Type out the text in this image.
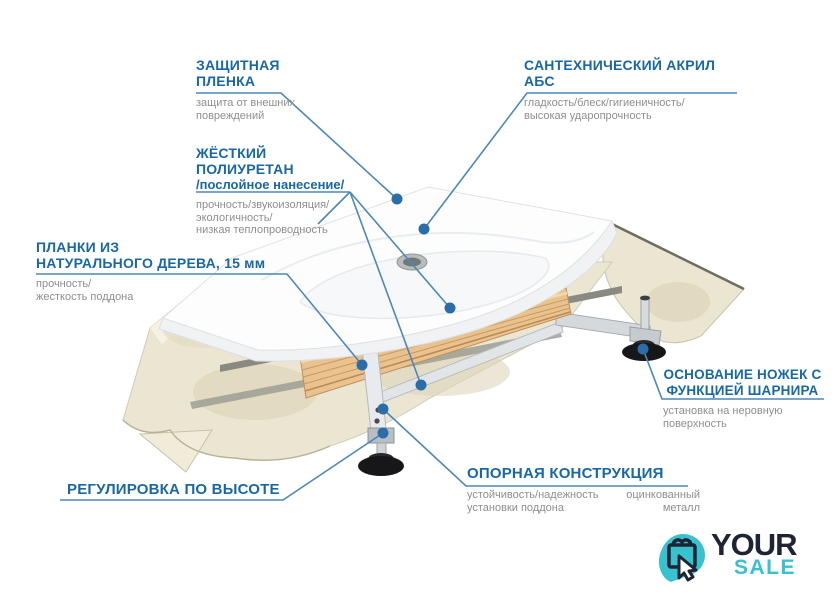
ЗАЩИТНАЯ
ПЛЕНКА
защита от внешних
повреждений
САНТЕХНИЧЕСКИЙ АКРИЛ
АБС
гладкость/блеск/гигиеничность/
высокая ударопрочность
ЖЁСТКИЙ
ПОЛИУРЕТАН
/послойное нанесение/
прочность/звукоизоляция/
экологичность/
низкая теплопроводность
ПЛАНКИ ИЗ
НАТУРАЛЬНОГО ДЕРЕВА, 15 мм
прочность/
жесткость поддона
ОСНОВАНИЕ НОЖЕК С
ФУНКЦИЕЙ ШАРНИРА
установка на неровную
поверхность
РЕГУЛИРОВКА ПО ВЫСОТЕ
ОПОРНАЯ КОНСТРУКЦИЯ
устойчивость/надежность
установки поддона
оцинкованный
металл
YOUR
SALE
